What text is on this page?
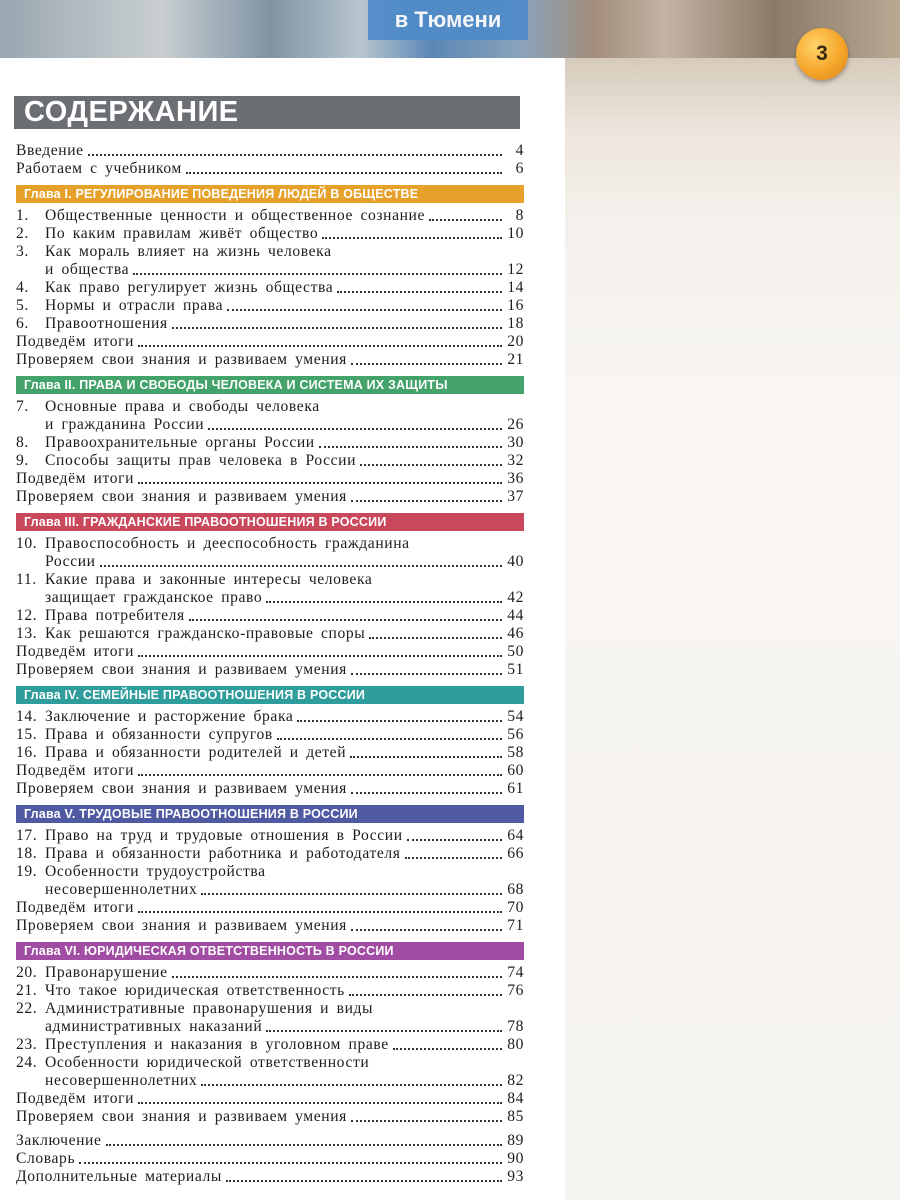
в Тюмени
3
СОДЕРЖАНИЕ
Введение	4
Работаем с учебником	6
Глава I. РЕГУЛИРОВАНИЕ ПОВЕДЕНИЯ ЛЮДЕЙ В ОБЩЕСТВЕ
1.	Общественные ценности и общественное сознание	8
2.	По каким правилам живёт общество	10
3.	Как мораль влияет на жизнь человека
и общества	12
4.	Как право регулирует жизнь общества	14
5.	Нормы и отрасли права	16
6.	Правоотношения	18
Подведём итоги	20
Проверяем свои знания и развиваем умения	21
Глава II. ПРАВА И СВОБОДЫ ЧЕЛОВЕКА И СИСТЕМА ИХ ЗАЩИТЫ
7.	Основные права и свободы человека
и гражданина России	26
8.	Правоохранительные органы России	30
9.	Способы защиты прав человека в России	32
Подведём итоги	36
Проверяем свои знания и развиваем умения	37
Глава III. ГРАЖДАНСКИЕ ПРАВООТНОШЕНИЯ В РОССИИ
10. Правоспособность и дееспособность гражданина
России	40
11. Какие права и законные интересы человека
защищает гражданское право	42
12. Права потребителя	44
13. Как решаются гражданско-правовые споры	46
Подведём итоги	50
Проверяем свои знания и развиваем умения	51
Глава IV. СЕМЕЙНЫЕ ПРАВООТНОШЕНИЯ В РОССИИ
14. Заключение и расторжение брака	54
15. Права и обязанности супругов	56
16. Права и обязанности родителей и детей	58
Подведём итоги	60
Проверяем свои знания и развиваем умения	61
Глава V. ТРУДОВЫЕ ПРАВООТНОШЕНИЯ В РОССИИ
17. Право на труд и трудовые отношения в России	64
18. Права и обязанности работника и работодателя	66
19. Особенности трудоустройства
несовершеннолетних	68
Подведём итоги	70
Проверяем свои знания и развиваем умения	71
Глава VI. ЮРИДИЧЕСКАЯ ОТВЕТСТВЕННОСТЬ В РОССИИ
20. Правонарушение	74
21. Что такое юридическая ответственность	76
22. Административные правонарушения и виды
административных наказаний	78
23. Преступления и наказания в уголовном праве	80
24. Особенности юридической ответственности
несовершеннолетних	82
Подведём итоги	84
Проверяем свои знания и развиваем умения	85
Заключение	89
Словарь	90
Дополнительные материалы	93
